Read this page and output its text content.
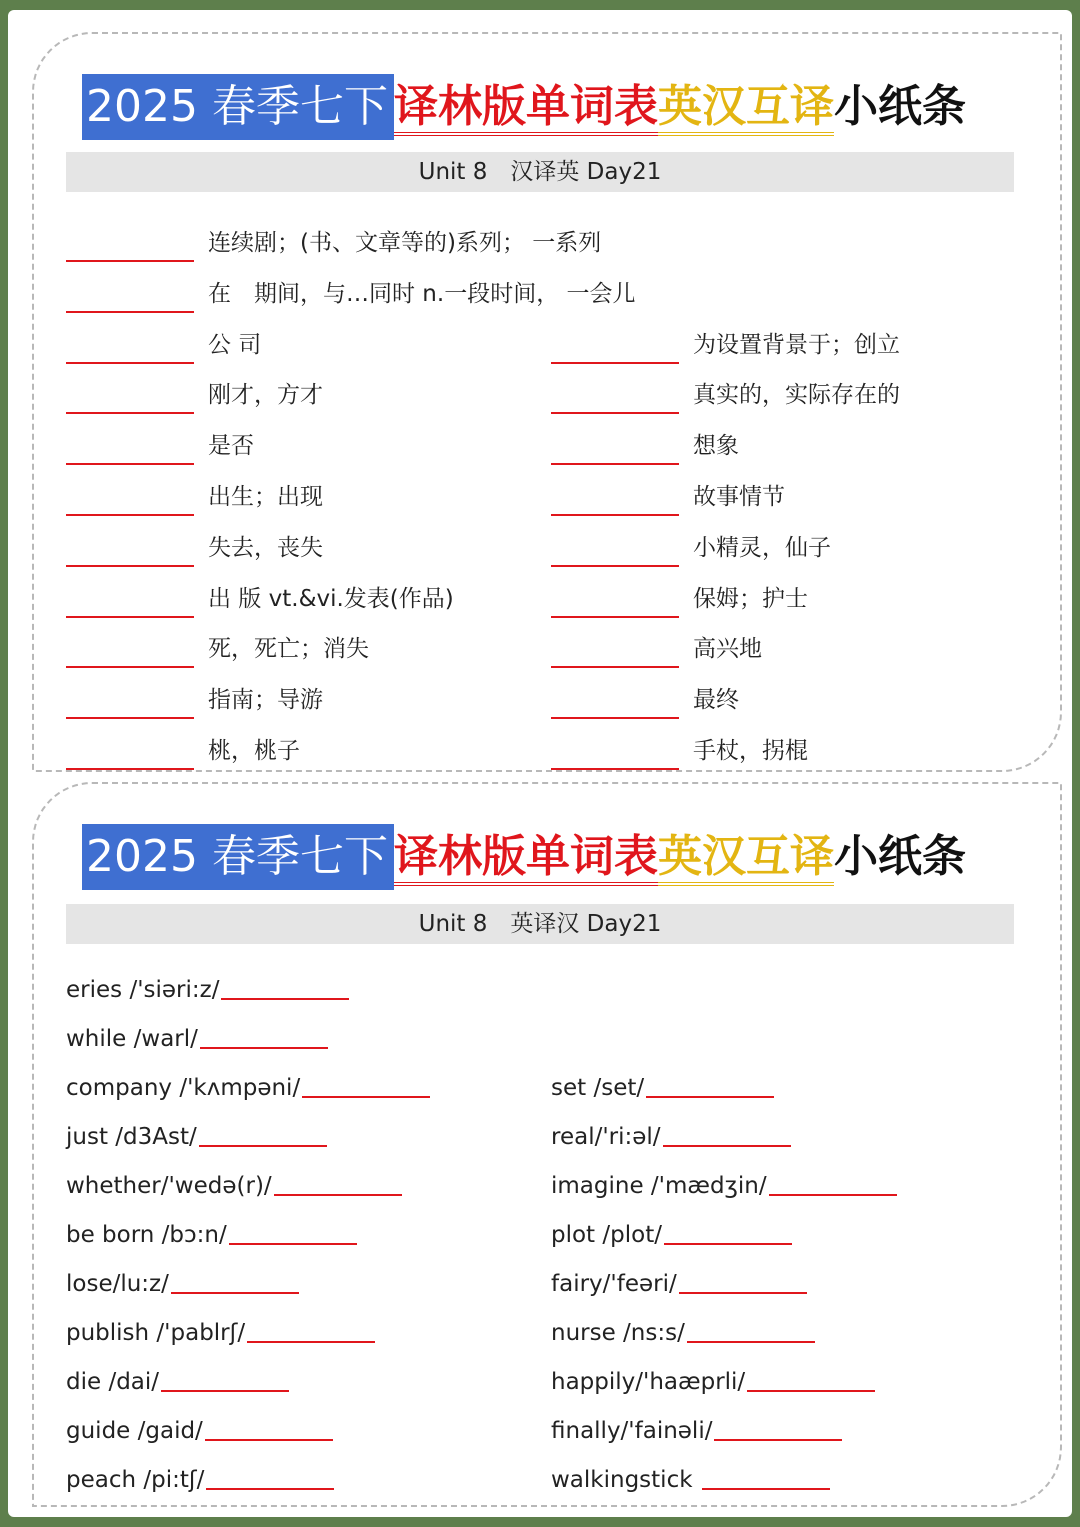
2025 春季七下 译林版单词表英汉互译小纸条
Unit 8　汉译英 Day21
连续剧；(书、文章等的)系列； 一系列
在　期间，与…同时 n.一段时间， 一会儿
公 司	为设置背景于；创立
刚才，方才	真实的，实际存在的
是否	想象
出生；出现	故事情节
失去，丧失	小精灵，仙子
出 版 vt.&vi.发表(作品)	保姆；护士
死，死亡；消失	高兴地
指南；导游	最终
桃，桃子	手杖，拐棍
2025 春季七下 译林版单词表英汉互译小纸条
Unit 8　英译汉 Day21
eries /'siəri:z/
while /warl/
company /'kʌmpəni/	set /set/
just /d3Ast/	real/'ri:əl/
whether/'wedə(r)/	imagine /'mædʒin/
be born /bɔ:n/	plot /plot/
lose/lu:z/	fairy/'feəri/
publish /'pablrʃ/	nurse /ns:s/
die /dai/	happily/'haæprli/
guide /gaid/	finally/'fainəli/
peach /pi:tʃ/	walkingstick
